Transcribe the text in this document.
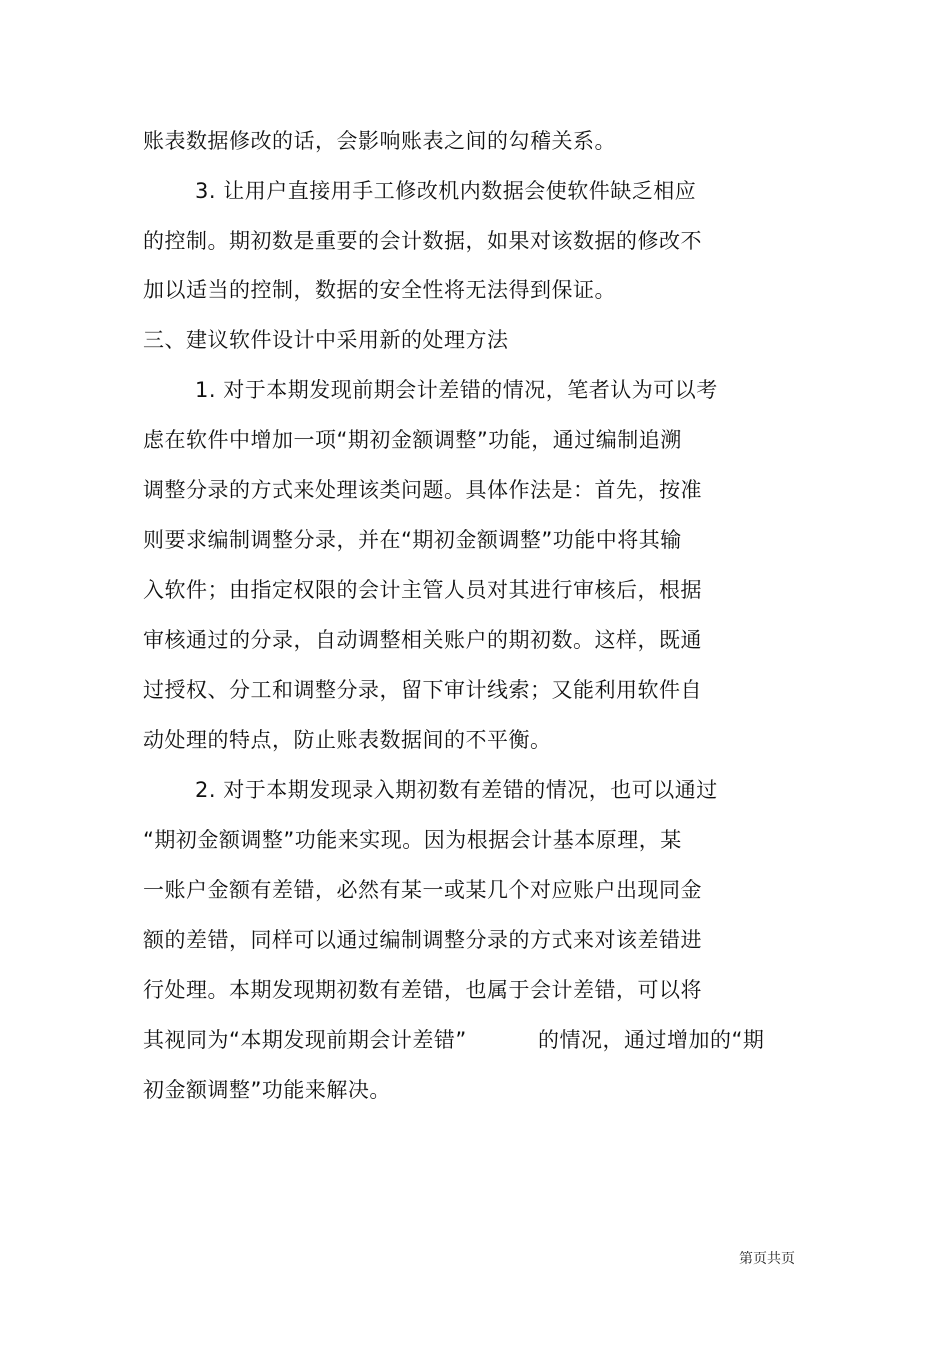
账表数据修改的话，会影响账表之间的勾稽关系。
3. 让用户直接用手工修改机内数据会使软件缺乏相应
的控制。期初数是重要的会计数据，如果对该数据的修改不
加以适当的控制，数据的安全性将无法得到保证。
三、建议软件设计中采用新的处理方法
1. 对于本期发现前期会计差错的情况，笔者认为可以考
虑在软件中增加一项“期初金额调整”功能，通过编制追溯
调整分录的方式来处理该类问题。具体作法是：首先，按准
则要求编制调整分录，并在“期初金额调整”功能中将其输
入软件；由指定权限的会计主管人员对其进行审核后，根据
审核通过的分录，自动调整相关账户的期初数。这样，既通
过授权、分工和调整分录，留下审计线索；又能利用软件自
动处理的特点，防止账表数据间的不平衡。
2. 对于本期发现录入期初数有差错的情况，也可以通过
“期初金额调整”功能来实现。因为根据会计基本原理，某
一账户金额有差错，必然有某一或某几个对应账户出现同金
额的差错，同样可以通过编制调整分录的方式来对该差错进
行处理。本期发现期初数有差错，也属于会计差错，可以将
其视同为“本期发现前期会计差错”	的情况，通过增加的“期
初金额调整”功能来解决。
第页共页
